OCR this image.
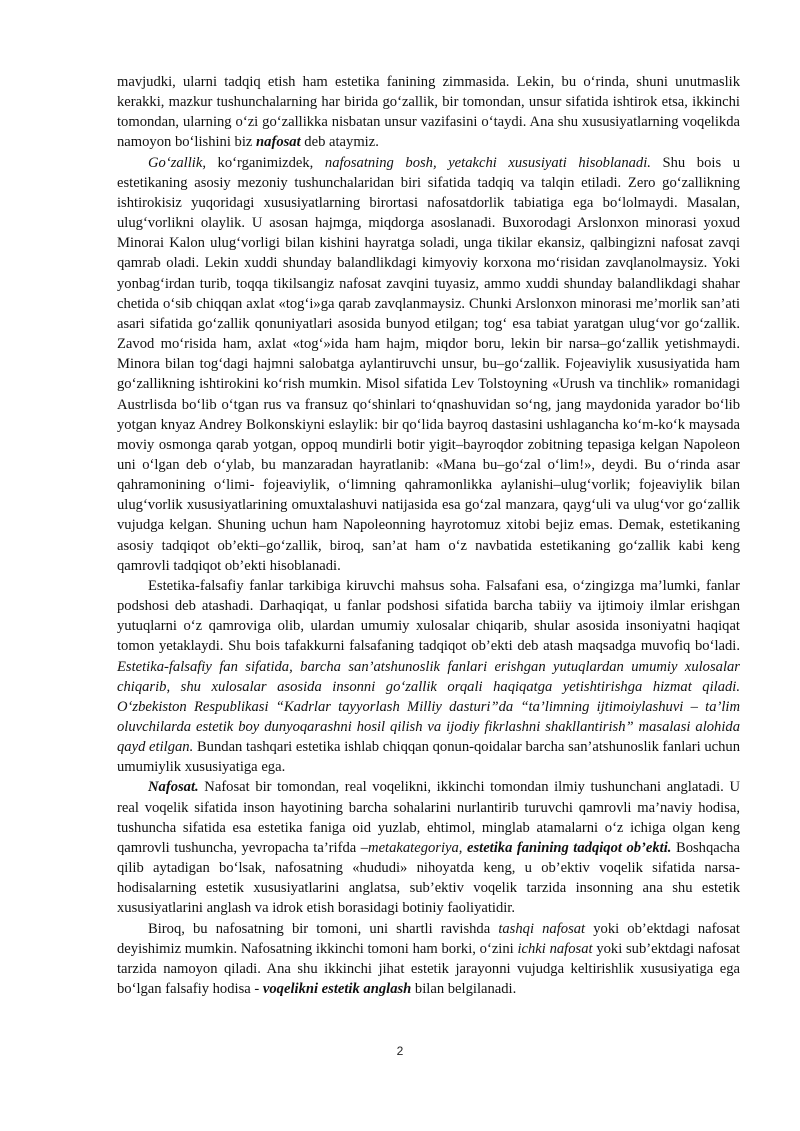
mavjudki, ularni tadqiq etish ham estetika fanining zimmasida. Lekin, bu o‘rinda, shuni unutmaslik kerakki, mazkur tushunchalarning har birida go‘zallik, bir tomondan, unsur sifatida ishtirok etsa, ikkinchi tomondan, ularning o‘zi go‘zallikka nisbatan unsur vazifasini o‘taydi. Ana shu xususiyatlarning voqelikda namoyon bo‘lishini biz nafosat deb ataymiz.

Go‘zallik, ko‘rganimizdek, nafosatning bosh, yetakchi xususiyati hisoblanadi. Shu bois u estetikaning asosiy mezoniy tushunchalaridan biri sifatida tadqiq va talqin etiladi. Zero go‘zallikning ishtirokisiz yuqoridagi xususiyatlarning birortasi nafosatdorlik tabiatiga ega bo‘lolmaydi. Masalan, ulug‘vorlikni olaylik. U asosan hajmga, miqdorga asoslanadi. Buxorodagi Arslonxon minorasi yoxud Minorai Kalon ulug‘vorligi bilan kishini hayratga soladi, unga tikilar ekansiz, qalbingizni nafosat zavqi qamrab oladi. Lekin xuddi shunday balandlikdagi kimyoviy korxona mo‘risidan zavqlanolmaysiz. Yoki yonbag‘irdan turib, toqqa tikilsangiz nafosat zavqini tuyasiz, ammo xuddi shunday balandlikdagi shahar chetida o‘sib chiqqan axlat «tog‘i»ga qarab zavqlanmaysiz. Chunki Arslonxon minorasi me’morlik san’ati asari sifatida go‘zallik qonuniyatlari asosida bunyod etilgan; tog‘ esa tabiat yaratgan ulug‘vor go‘zallik. Zavod mo‘risida ham, axlat «tog‘»ida ham hajm, miqdor boru, lekin bir narsa–go‘zallik yetishmaydi. Minora bilan tog‘dagi hajmni salobatga aylantiruvchi unsur, bu–go‘zallik. Fojeaviylik xususiyatida ham go‘zallikning ishtirokini ko‘rish mumkin. Misol sifatida Lev Tolstoyning «Urush va tinchlik» romanidagi Austrlisda bo‘lib o‘tgan rus va fransuz qo‘shinlari to‘qnashuvidan so‘ng, jang maydonida yarador bo‘lib yotgan knyaz Andrey Bolkonskiyni eslaylik: bir qo‘lida bayroq dastasini ushlagancha ko‘m-ko‘k maysada moviy osmonga qarab yotgan, oppoq mundirli botir yigit–bayroqdor zobitning tepasiga kelgan Napoleon uni o‘lgan deb o‘ylab, bu manzaradan hayratlanib: «Mana bu–go‘zal o‘lim!», deydi. Bu o‘rinda asar qahramonining o‘limi- fojeaviylik, o‘limning qahramonlikka aylanishi–ulug‘vorlik; fojeaviylik bilan ulug‘vorlik xususiyatlarining omuxtalashuvi natijasida esa go‘zal manzara, qayg‘uli va ulug‘vor go‘zallik vujudga kelgan. Shuning uchun ham Napoleonning hayrotomuz xitobi bejiz emas. Demak, estetikaning asosiy tadqiqot ob’ekti–go‘zallik, biroq, san’at ham o‘z navbatida estetikaning go‘zallik kabi keng qamrovli tadqiqot ob’ekti hisoblanadi.

Estetika-falsafiy fanlar tarkibiga kiruvchi mahsus soha. Falsafani esa, o‘zingizga ma’lumki, fanlar podshosi deb atashadi. Darhaqiqat, u fanlar podshosi sifatida barcha tabiiy va ijtimoiy ilmlar erishgan yutuqlarni o‘z qamroviga olib, ulardan umumiy xulosalar chiqarib, shular asosida insoniyatni haqiqat tomon yetaklaydi. Shu bois tafakkurni falsafaning tadqiqot ob’ekti deb atash maqsadga muvofiq bo‘ladi. Estetika-falsafiy fan sifatida, barcha san’atshunoslik fanlari erishgan yutuqlardan umumiy xulosalar chiqarib, shu xulosalar asosida insonni go‘zallik orqali haqiqatga yetishtirishga hizmat qiladi. O‘zbekiston Respublikasi “Kadrlar tayyorlash Milliy dasturi”da “ta’limning ijtimoiylashuvi – ta’lim oluvchilarda estetik boy dunyoqarashni hosil qilish va ijodiy fikrlashni shakllantirish” masalasi alohida qayd etilgan. Bundan tashqari estetika ishlab chiqqan qonun-qoidalar barcha san’atshunoslik fanlari uchun umumiylik xususiyatiga ega.

Nafosat. Nafosat bir tomondan, real voqelikni, ikkinchi tomondan ilmiy tushunchani anglatadi. U real voqelik sifatida inson hayotining barcha sohalarini nurlantirib turuvchi qamrovli ma’naviy hodisa, tushuncha sifatida esa estetika faniga oid yuzlab, ehtimol, minglab atamalarni o‘z ichiga olgan keng qamrovli tushuncha, yevropacha ta’rifda –metakategoriya, estetika fanining tadqiqot ob’ekti. Boshqacha qilib aytadigan bo‘lsak, nafosatning «hududi» nihoyatda keng, u ob’ektiv voqelik sifatida narsa-hodisalarning estetik xususiyatlarini anglatsa, sub’ektiv voqelik tarzida insonning ana shu estetik xususiyatlarini anglash va idrok etish borasidagi botiniy faoliyatidir.

Biroq, bu nafosatning bir tomoni, uni shartli ravishda tashqi nafosat yoki ob’ektdagi nafosat deyishimiz mumkin. Nafosatning ikkinchi tomoni ham borki, o‘zini ichki nafosat yoki sub’ektdagi nafosat tarzida namoyon qiladi. Ana shu ikkinchi jihat estetik jarayonni vujudga keltirishlik xususiyatiga ega bo‘lgan falsafiy hodisa - voqelikni estetik anglash bilan belgilanadi.

2
